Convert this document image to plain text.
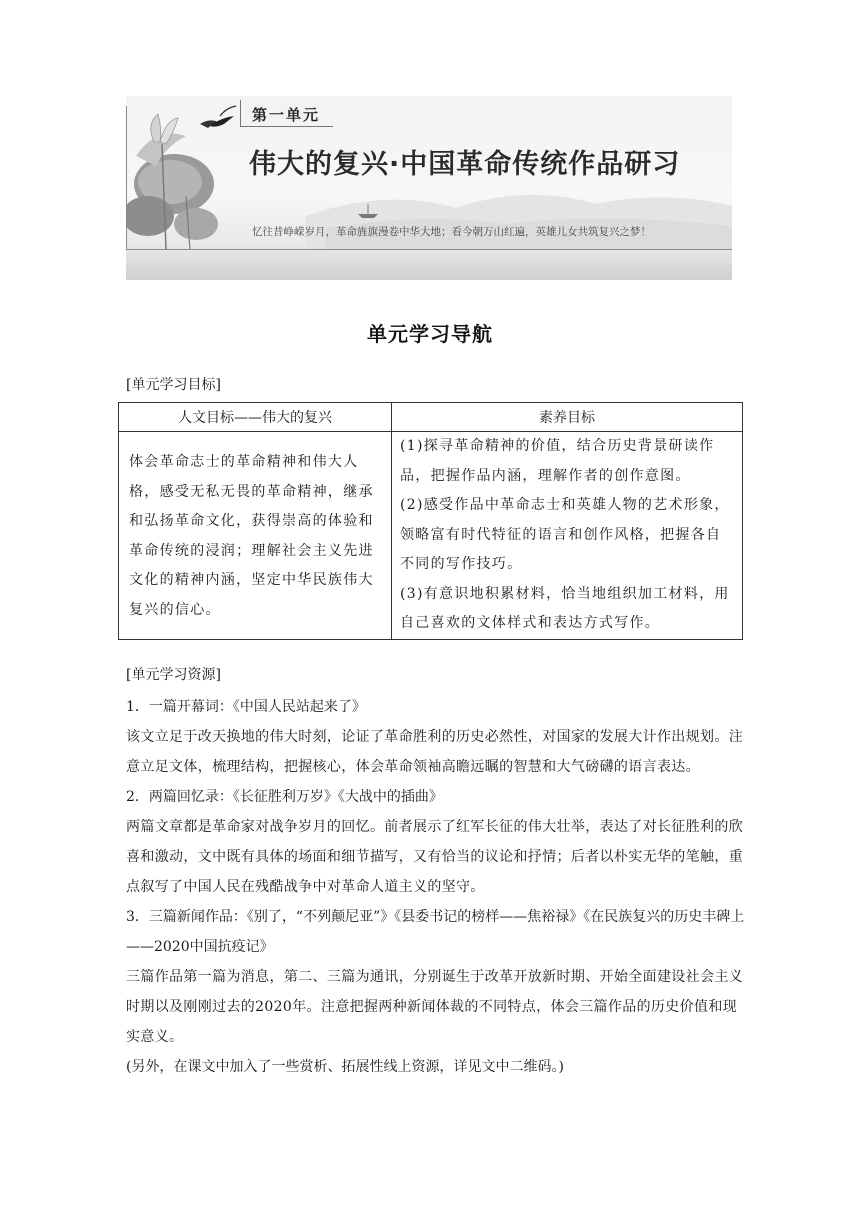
第一单元
伟大的复兴·中国革命传统作品研习
忆往昔峥嵘岁月，革命旌旗漫卷中华大地；看今朝万山红遍，英雄儿女共筑复兴之梦！
单元学习导航
[单元学习目标]
人文目标——伟大的复兴	素养目标
体会革命志士的革命精神和伟大人格，感受无私无畏的革命精神，继承和弘扬革命文化，获得崇高的体验和革命传统的浸润；理解社会主义先进文化的精神内涵，坚定中华民族伟大复兴的信心。	(1)探寻革命精神的价值，结合历史背景研读作品，把握作品内涵，理解作者的创作意图。
(2)感受作品中革命志士和英雄人物的艺术形象，领略富有时代特征的语言和创作风格，把握各自不同的写作技巧。
(3)有意识地积累材料，恰当地组织加工材料，用自己喜欢的文体样式和表达方式写作。
[单元学习资源]

1．一篇开幕词：《中国人民站起来了》

该文立足于改天换地的伟大时刻，论证了革命胜利的历史必然性，对国家的发展大计作出规划。注意立足文体，梳理结构，把握核心，体会革命领袖高瞻远瞩的智慧和大气磅礴的语言表达。

2．两篇回忆录：《长征胜利万岁》《大战中的插曲》

两篇文章都是革命家对战争岁月的回忆。前者展示了红军长征的伟大壮举，表达了对长征胜利的欣喜和激动，文中既有具体的场面和细节描写，又有恰当的议论和抒情；后者以朴实无华的笔触，重点叙写了中国人民在残酷战争中对革命人道主义的坚守。

3．三篇新闻作品：《别了，“不列颠尼亚”》《县委书记的榜样——焦裕禄》《在民族复兴的历史丰碑上——2020中国抗疫记》

三篇作品第一篇为消息，第二、三篇为通讯，分别诞生于改革开放新时期、开始全面建设社会主义时期以及刚刚过去的2020年。注意把握两种新闻体裁的不同特点，体会三篇作品的历史价值和现实意义。

(另外，在课文中加入了一些赏析、拓展性线上资源，详见文中二维码。)
